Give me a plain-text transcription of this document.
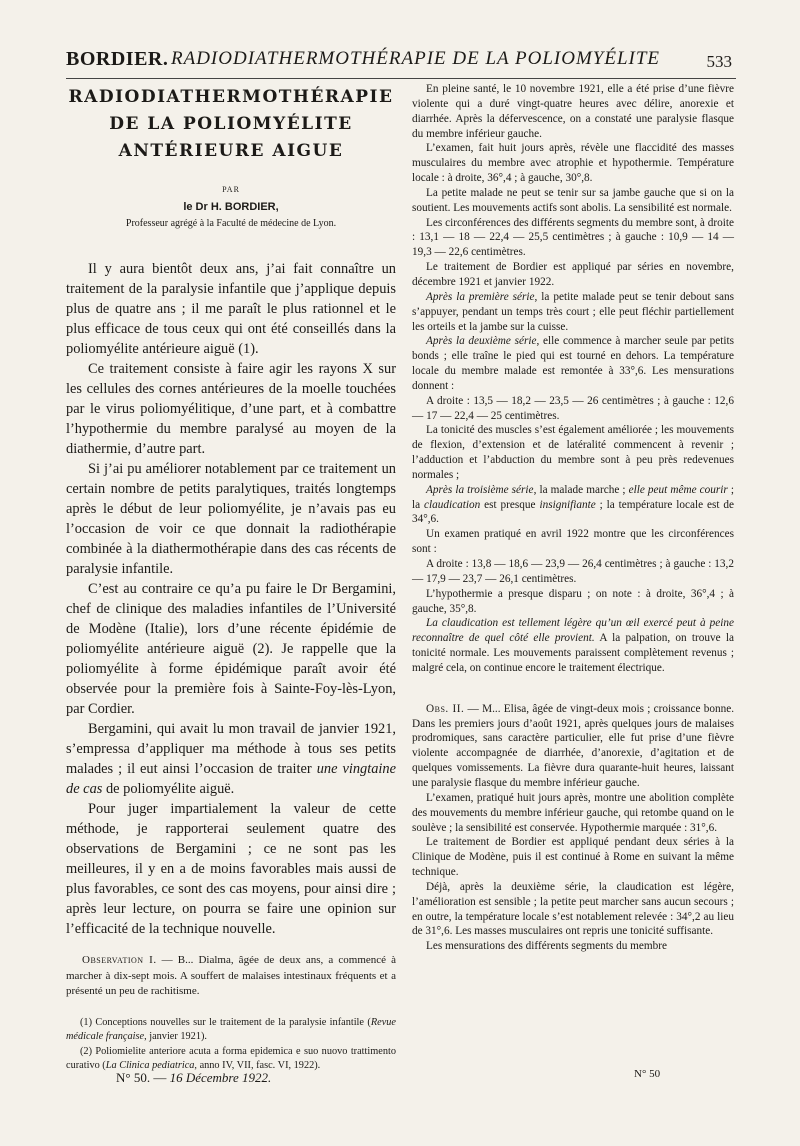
BORDIER. RADIODIATHERMOTHÉRAPIE DE LA POLIOMYÉLITE	533
RADIODIATHERMOTHÉRAPIE
DE LA POLIOMYÉLITE
ANTÉRIEURE AIGUE
PAR
le Dr H. BORDIER,
Professeur agrégé à la Faculté de médecine de Lyon.

Il y aura bientôt deux ans, j’ai fait connaître un traitement de la paralysie infantile que j’applique depuis plus de quatre ans ; il me paraît le plus rationnel et le plus efficace de tous ceux qui ont été conseillés dans la poliomyélite antérieure aiguë (1).

Ce traitement consiste à faire agir les rayons X sur les cellules des cornes antérieures de la moelle touchées par le virus poliomyélitique, d’une part, et à combattre l’hypothermie du membre paralysé au moyen de la diathermie, d’autre part.

Si j’ai pu améliorer notablement par ce traitement un certain nombre de petits paralytiques, traités longtemps après le début de leur poliomyélite, je n’avais pas eu l’occasion de voir ce que donnait la radiothérapie combinée à la diathermothérapie dans des cas récents de paralysie infantile.

C’est au contraire ce qu’a pu faire le Dr Bergamini, chef de clinique des maladies infantiles de l’Université de Modène (Italie), lors d’une récente épidémie de poliomyélite antérieure aiguë (2). Je rappelle que la poliomyélite à forme épidémique paraît avoir été observée pour la première fois à Sainte-Foy-lès-Lyon, par Cordier.

Bergamini, qui avait lu mon travail de janvier 1921, s’empressa d’appliquer ma méthode à tous ses petits malades ; il eut ainsi l’occasion de traiter une vingtaine de cas de poliomyélite aiguë.

Pour juger impartialement la valeur de cette méthode, je rapporterai seulement quatre des observations de Bergamini ; ce ne sont pas les meilleures, il y en a de moins favorables mais aussi de plus favorables, ce sont des cas moyens, pour ainsi dire ; après leur lecture, on pourra se faire une opinion sur l’efficacité de la technique nouvelle.

Observation I. — B... Dialma, âgée de deux ans, a commencé à marcher à dix-sept mois. A souffert de malaises intestinaux fréquents et a présenté un peu de rachitisme.

(1) Conceptions nouvelles sur le traitement de la paralysie infantile (Revue médicale française, janvier 1921).

(2) Poliomielite anteriore acuta a forma epidemica e suo nuovo trattimento curativo (La Clinica pediatrica, anno IV, VII, fasc. VI, 1922).

N° 50. — 16 Décembre 1922.	N° 50

En pleine santé, le 10 novembre 1921, elle a été prise d’une fièvre violente qui a duré vingt-quatre heures avec délire, anorexie et diarrhée. Après la défervescence, on a constaté une paralysie flasque du membre inférieur gauche.

L’examen, fait huit jours après, révèle une flaccidité des masses musculaires du membre avec atrophie et hypothermie. Température locale : à droite, 36°,4 ; à gauche, 30°,8.

La petite malade ne peut se tenir sur sa jambe gauche que si on la soutient. Les mouvements actifs sont abolis. La sensibilité est normale.

Les circonférences des différents segments du membre sont, à droite : 13,1 — 18 — 22,4 — 25,5 centimètres ; à gauche : 10,9 — 14 — 19,3 — 22,6 centimètres.

Le traitement de Bordier est appliqué par séries en novembre, décembre 1921 et janvier 1922.

Après la première série, la petite malade peut se tenir debout sans s’appuyer, pendant un temps très court ; elle peut fléchir partiellement les orteils et la jambe sur la cuisse.

Après la deuxième série, elle commence à marcher seule par petits bonds ; elle traîne le pied qui est tourné en dehors. La température locale du membre malade est remontée à 33°,6. Les mensurations donnent :

A droite : 13,5 — 18,2 — 23,5 — 26 centimètres ; à gauche : 12,6 — 17 — 22,4 — 25 centimètres.

La tonicité des muscles s’est également améliorée ; les mouvements de flexion, d’extension et de latéralité commencent à revenir ; l’adduction et l’abduction du membre sont à peu près redevenues normales ;

Après la troisième série, la malade marche ; elle peut même courir ; la claudication est presque insignifiante ; la température locale est de 34°,6.

Un examen pratiqué en avril 1922 montre que les circonférences sont :

A droite : 13,8 — 18,6 — 23,9 — 26,4 centimètres ; à gauche : 13,2 — 17,9 — 23,7 — 26,1 centimètres.

L’hypothermie a presque disparu ; on note : à droite, 36°,4 ; à gauche, 35°,8.

La claudication est tellement légère qu’un œil exercé peut à peine reconnaître de quel côté elle provient. A la palpation, on trouve la tonicité normale. Les mouvements paraissent complètement revenus ; malgré cela, on continue encore le traitement électrique.

Obs. II. — M... Elisa, âgée de vingt-deux mois ; croissance bonne. Dans les premiers jours d’août 1921, après quelques jours de malaises prodromiques, sans caractère particulier, elle fut prise d’une fièvre violente accompagnée de diarrhée, d’anorexie, d’agitation et de quelques vomissements. La fièvre dura quarante-huit heures, laissant une paralysie flasque du membre inférieur gauche.

L’examen, pratiqué huit jours après, montre une abolition complète des mouvements du membre inférieur gauche, qui retombe quand on le soulève ; la sensibilité est conservée. Hypothermie marquée : 31°,6.

Le traitement de Bordier est appliqué pendant deux séries à la Clinique de Modène, puis il est continué à Rome en suivant la même technique.

Déjà, après la deuxième série, la claudication est légère, l’amélioration est sensible ; la petite peut marcher sans aucun secours ; en outre, la température locale s’est notablement relevée : 34°,2 au lieu de 31°,6. Les masses musculaires ont repris une tonicité suffisante.

Les mensurations des différents segments du membre
